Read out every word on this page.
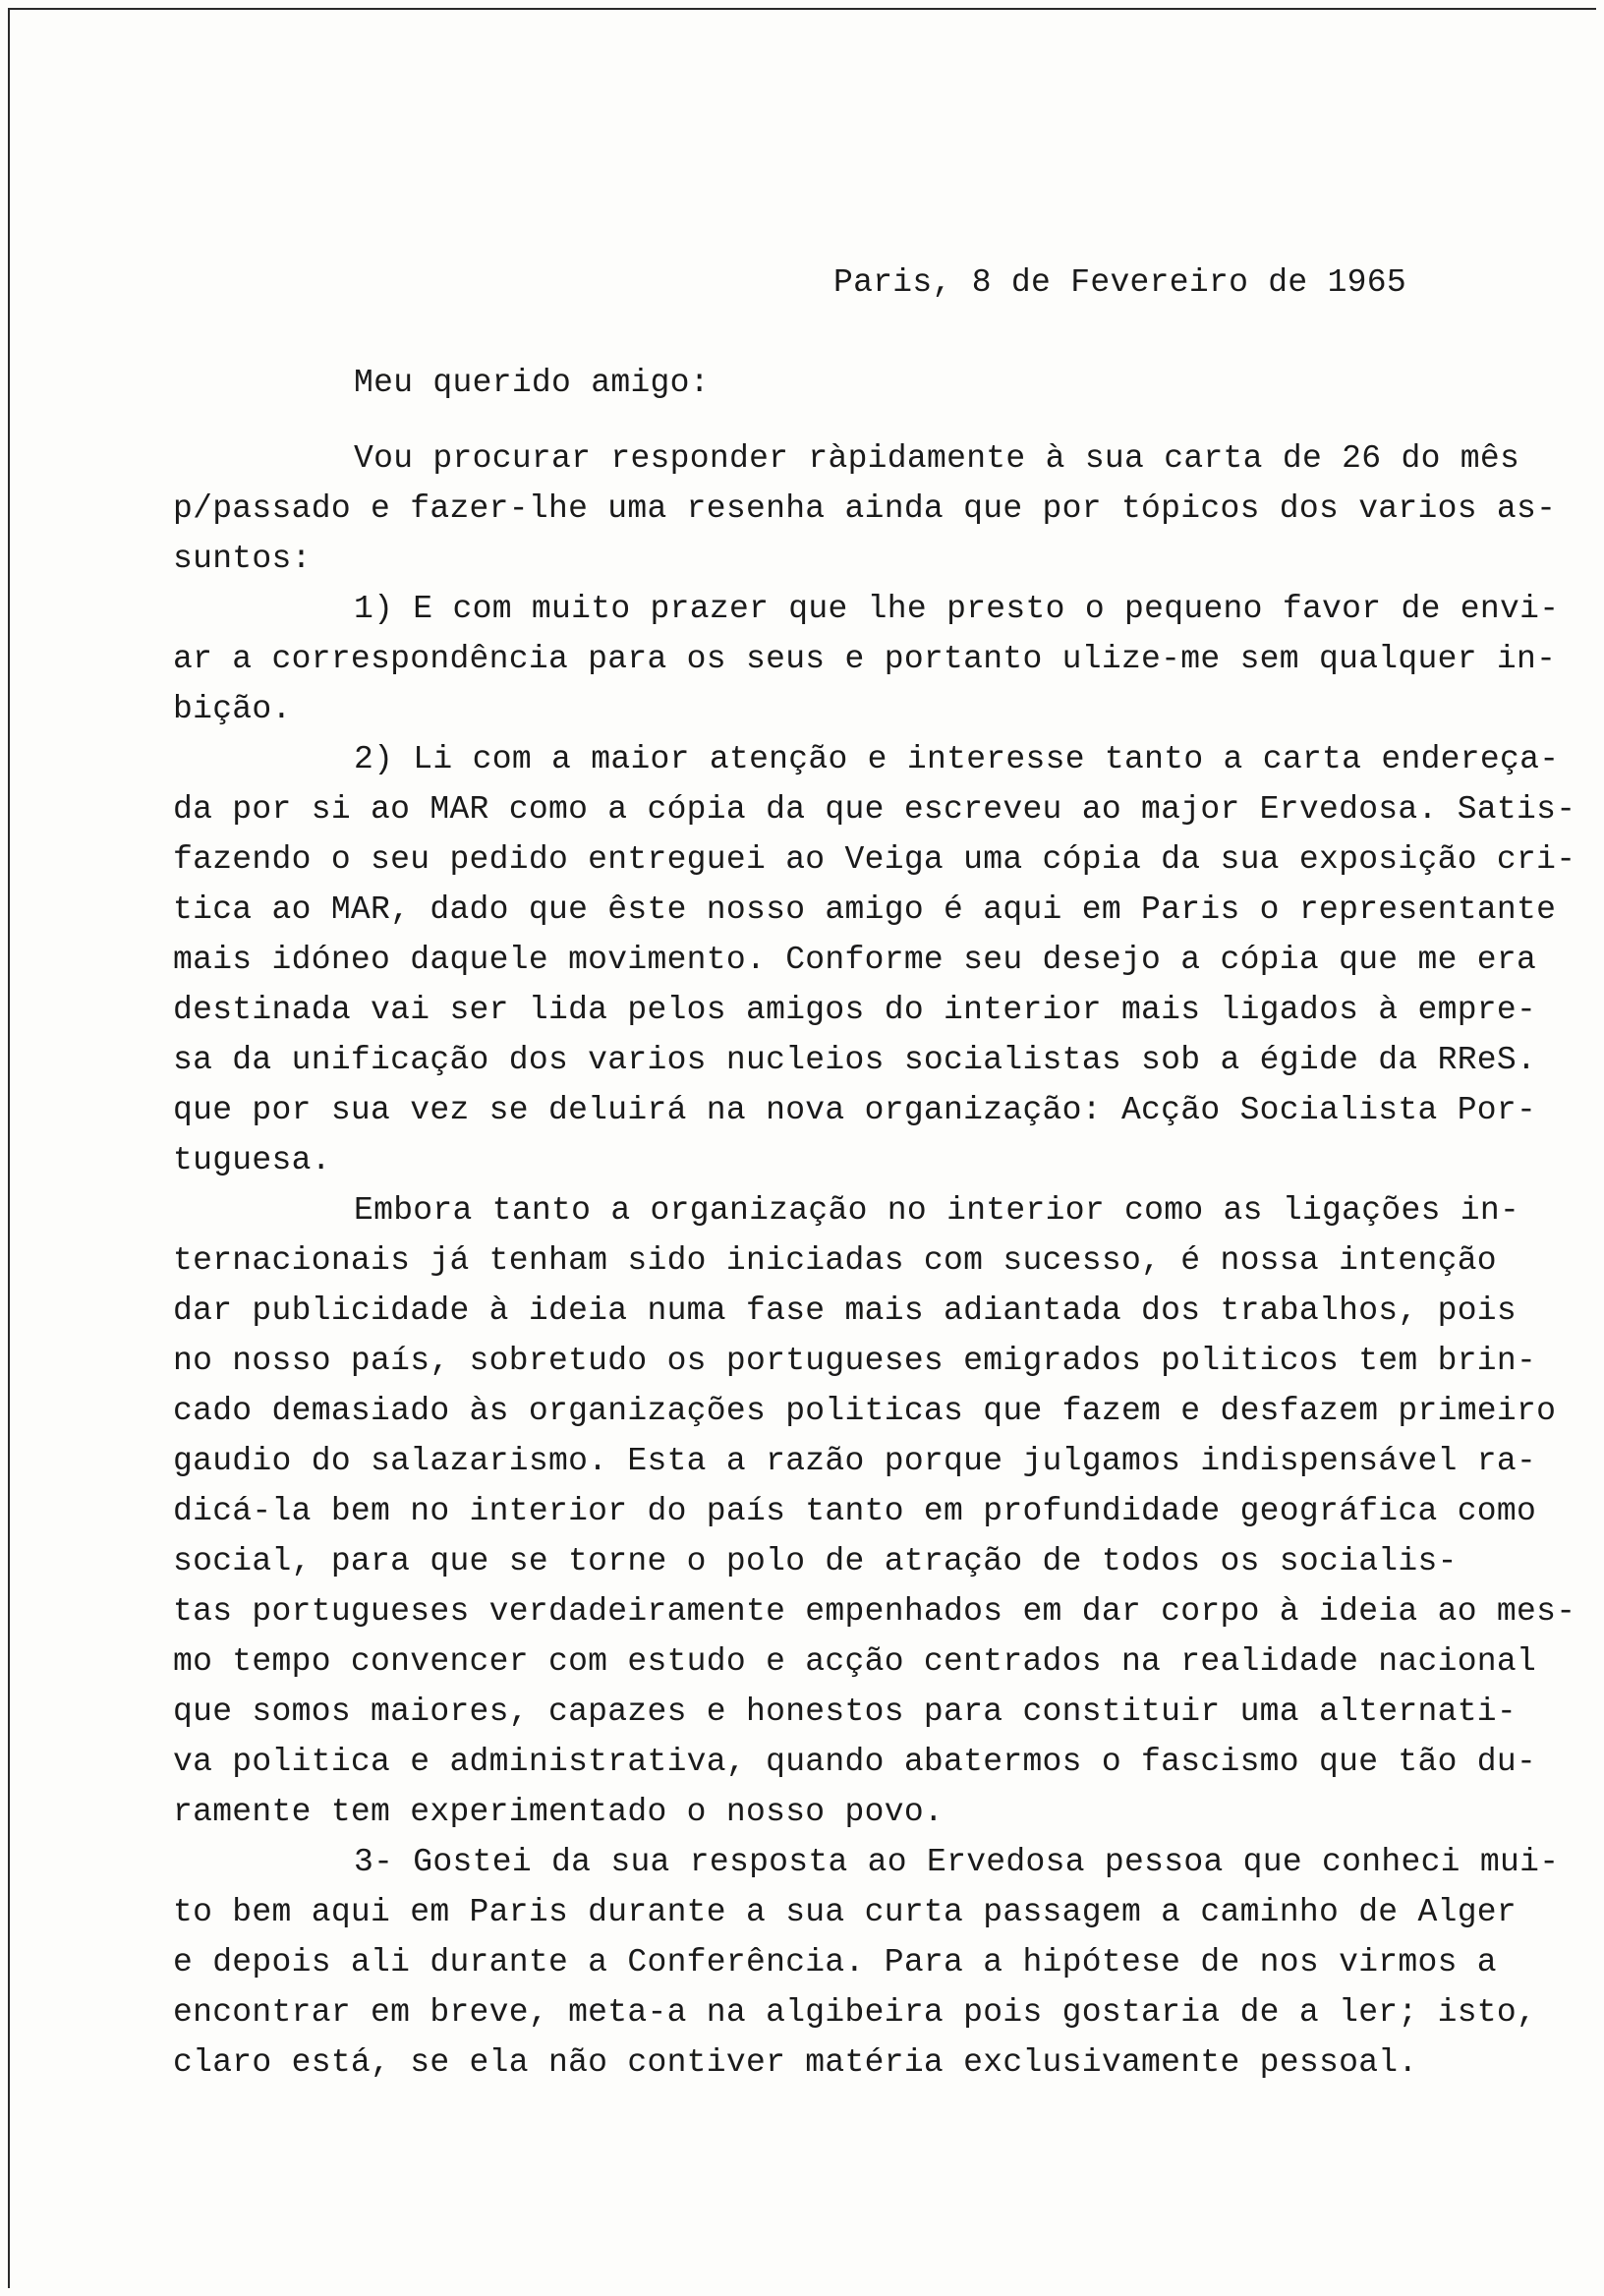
Paris, 8 de Fevereiro de 1965
Meu querido amigo:
Vou procurar responder ràpidamente à sua carta de 26 do mês
p/passado e fazer-lhe uma resenha ainda que por tópicos dos varios as-
suntos:
1) E com muito prazer que lhe presto o pequeno favor de envi-
ar a correspondência para os seus e portanto ulize-me sem qualquer in-
bição.
2) Li com a maior atenção e interesse tanto a carta endereça-
da por si ao MAR como a cópia da que escreveu ao major Ervedosa. Satis-
fazendo o seu pedido entreguei ao Veiga uma cópia da sua exposição cri-
tica ao MAR, dado que êste nosso amigo é aqui em Paris o representante
mais idóneo daquele movimento. Conforme seu desejo a cópia que me era
destinada vai ser lida pelos amigos do interior mais ligados à empre-
sa da unificação dos varios nucleios socialistas sob a égide da RReS.
que por sua vez se deluirá na nova organização: Acção Socialista Por-
tuguesa.
Embora tanto a organização no interior como as ligações in-
ternacionais já tenham sido iniciadas com sucesso, é nossa intenção
dar publicidade à ideia numa fase mais adiantada dos trabalhos, pois
no nosso país, sobretudo os portugueses emigrados politicos tem brin-
cado demasiado às organizações politicas que fazem e desfazem primeiro
gaudio do salazarismo. Esta a razão porque julgamos indispensável ra-
dicá-la bem no interior do país tanto em profundidade geográfica como
social, para que se torne o polo de atração de todos os socialis-
tas portugueses verdadeiramente empenhados em dar corpo à ideia ao mes-
mo tempo convencer com estudo e acção centrados na realidade nacional
que somos maiores, capazes e honestos para constituir uma alternati-
va politica e administrativa, quando abatermos o fascismo que tão du-
ramente tem experimentado o nosso povo.
3- Gostei da sua resposta ao Ervedosa pessoa que conheci mui-
to bem aqui em Paris durante a sua curta passagem a caminho de Alger
e depois ali durante a Conferência. Para a hipótese de nos virmos a
encontrar em breve, meta-a na algibeira pois gostaria de a ler; isto,
claro está, se ela não contiver matéria exclusivamente pessoal.
